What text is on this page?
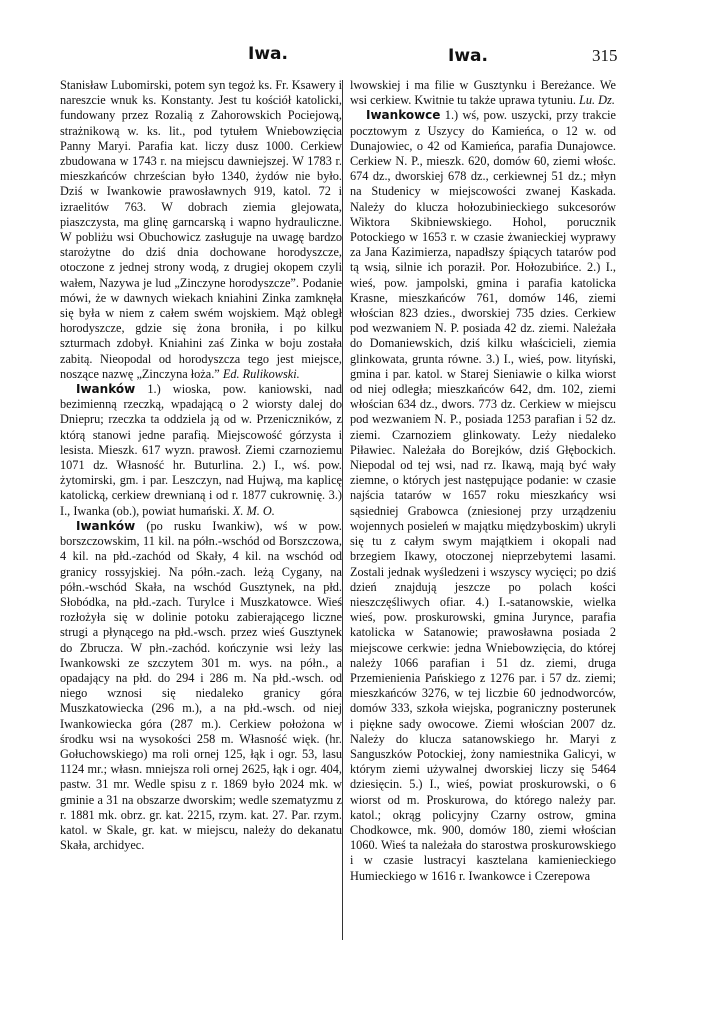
Iwa.	Iwa.	315

Stanisław Lubomirski, potem syn tegoż ks. Fr. Ksawery i nareszcie wnuk ks. Konstanty. Jest tu kościół katolicki, fundowany przez Rozalią z Zahorowskich Pociejową, strażnikową w. ks. lit., pod tytułem Wniebowzięcia Panny Maryi. Parafia kat. liczy dusz 1000. Cerkiew zbudowana w 1743 r. na miejscu dawniejszej. W 1783 r. mieszkańców chrześcian było 1340, żydów nie było. Dziś w Iwankowie prawosławnych 919, katol. 72 i izraelitów 763. W dobrach ziemia glejowata, piaszczysta, ma glinę garncarską i wapno hydrauliczne. W pobliżu wsi Obuchowicz zasługuje na uwagę bardzo starożytne do dziś dnia dochowane horodyszcze, otoczone z jednej strony wodą, z drugiej okopem czyli wałem, Nazywa je lud „Zinczyne horodyszcze”. Podanie mówi, że w dawnych wiekach kniahini Zinka zamknęła się była w niem z całem swém wojskiem. Mąż obległ horodyszcze, gdzie się żona broniła, i po kilku szturmach zdobył. Kniahini zaś Zinka w boju została zabitą. Nieopodal od horodyszcza tego jest miejsce, noszące nazwę „Zinczyna łoża.” Ed. Rulikowski.

Iwanków 1.) wioska, pow. kaniowski, nad bezimienną rzeczką, wpadającą o 2 wiorsty dalej do Dniepru; rzeczka ta oddziela ją od w. Przeniczników, z którą stanowi jedne parafią. Miejscowość górzysta i lesista. Mieszk. 617 wyzn. prawosł. Ziemi czarnoziemu 1071 dz. Własność hr. Buturlina. 2.) I., wś. pow. żytomirski, gm. i par. Leszczyn, nad Hujwą, ma kaplicę katolicką, cerkiew drewnianą i od r. 1877 cukrownię. 3.) I., Iwanka (ob.), powiat humański. X. M. O.

Iwanków (po rusku Iwankiw), wś w pow. borszczowskim, 11 kil. na półn.-wschód od Borszczowa, 4 kil. na płd.-zachód od Skały, 4 kil. na wschód od granicy rossyjskiej. Na półn.-zach. leżą Cygany, na półn.-wschód Skała, na wschód Gusztynek, na płd. Słobódka, na płd.-zach. Turylce i Muszkatowce. Wieś rozłożyła się w dolinie potoku zabierającego liczne strugi a płynącego na płd.-wsch. przez wieś Gusztynek do Zbrucza. W płn.-zachód. kończynie wsi leży las Iwankowski ze szczytem 301 m. wys. na półn., a opadający na płd. do 294 i 286 m. Na płd.-wsch. od niego wznosi się niedaleko granicy góra Muszkatowiecka (296 m.), a na płd.-wsch. od niej Iwankowiecka góra (287 m.). Cerkiew położona w środku wsi na wysokości 258 m. Własność więk. (hr. Gołuchowskiego) ma roli ornej 125, łąk i ogr. 53, lasu 1124 mr.; własn. mniejsza roli ornej 2625, łąk i ogr. 404, pastw. 31 mr. Wedle spisu z r. 1869 było 2024 mk. w gminie a 31 na obszarze dworskim; wedle szematyzmu z r. 1881 mk. obrz. gr. kat. 2215, rzym. kat. 27. Par. rzym. katol. w Skale, gr. kat. w miejscu, należy do dekanatu Skała, archidyec.

lwowskiej i ma filie w Gusztynku i Bereżance. We wsi cerkiew. Kwitnie tu także uprawa tytuniu. Lu. Dz.

Iwankowce 1.) wś, pow. uszycki, przy trakcie pocztowym z Uszycy do Kamieńca, o 12 w. od Dunajowiec, o 42 od Kamieńca, parafia Dunajowce. Cerkiew N. P., mieszk. 620, domów 60, ziemi włośc. 674 dz., dworskiej 678 dz., cerkiewnej 51 dz.; młyn na Studenicy w miejscowości zwanej Kaskada. Należy do klucza hołozubinieckiego sukcesorów Wiktora Skibniewskiego. Hohol, porucznik Potockiego w 1653 r. w czasie żwanieckiej wyprawy za Jana Kazimierza, napadłszy śpiących tatarów pod tą wsią, silnie ich poraził. Por. Hołozubińce. 2.) I., wieś, pow. jampolski, gmina i parafia katolicka Krasne, mieszkańców 761, domów 146, ziemi włościan 823 dzies., dworskiej 735 dzies. Cerkiew pod wezwaniem N. P. posiada 42 dz. ziemi. Należała do Domaniewskich, dziś kilku właścicieli, ziemia glinkowata, grunta równe. 3.) I., wieś, pow. lityński, gmina i par. katol. w Starej Sieniawie o kilka wiorst od niej odległa; mieszkańców 642, dm. 102, ziemi włościan 634 dz., dwors. 773 dz. Cerkiew w miejscu pod wezwaniem N. P., posiada 1253 parafian i 52 dz. ziemi. Czarnoziem glinkowaty. Leży niedaleko Piławiec. Należała do Borejków, dziś Głębockich. Niepodal od tej wsi, nad rz. Ikawą, mają być wały ziemne, o których jest następujące podanie: w czasie najścia tatarów w 1657 roku mieszkańcy wsi sąsiedniej Grabowca (zniesionej przy urządzeniu wojennych posieleń w majątku międzyboskim) ukryli się tu z całym swym majątkiem i okopali nad brzegiem Ikawy, otoczonej nieprzebytemi lasami. Zostali jednak wyśledzeni i wszyscy wycięci; po dziś dzień znajdują jeszcze po polach kości nieszczęśliwych ofiar. 4.) I.-satanowskie, wielka wieś, pow. proskurowski, gmina Jurynce, parafia katolicka w Satanowie; prawosławna posiada 2 miejscowe cerkwie: jedna Wniebowzięcia, do której należy 1066 parafian i 51 dz. ziemi, druga Przemienienia Pańskiego z 1276 par. i 57 dz. ziemi; mieszkańców 3276, w tej liczbie 60 jednodworców, domów 333, szkoła wiejska, pograniczny posterunek i piękne sady owocowe. Ziemi włościan 2007 dz. Należy do klucza satanowskiego hr. Maryi z Sanguszków Potockiej, żony namiestnika Galicyi, w którym ziemi używalnej dworskiej liczy się 5464 dziesięcin. 5.) I., wieś, powiat proskurowski, o 6 wiorst od m. Proskurowa, do którego należy par. katol.; okrąg policyjny Czarny ostrow, gmina Chodkowce, mk. 900, domów 180, ziemi włościan 1060. Wieś ta należała do starostwa proskurowskiego i w czasie lustracyi kasztelana kamienieckiego Humieckiego w 1616 r. Iwankowce i Czerepowa
